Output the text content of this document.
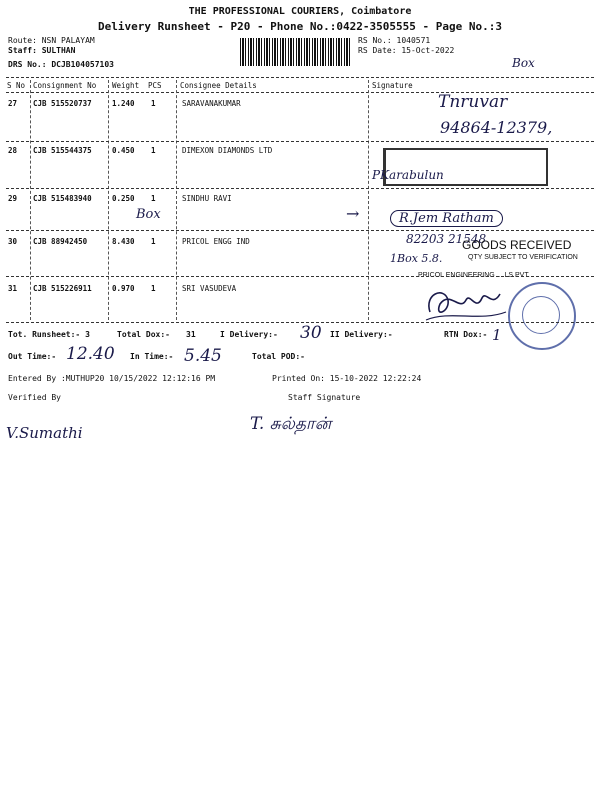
THE PROFESSIONAL COURIERS, Coimbatore
Delivery Runsheet - P20 - Phone No.:0422-3505555 - Page No.:3
Route: NSN PALAYAM
Staff: SULTHAN
DRS No.: DCJB104057103
RS No.: 1040571
RS Date: 15-Oct-2022
Box
S No Consignment No Weight PCS Consignee Details	Signature
27 CJB 515520737	1.240 1	SARAVANAKUMAR	Tnruvar
94864-12379,
28 CJB 515544375	0.450 1	DIMEXON DIAMONDS LTD
PKarabulun
29 CJB 515483940	0.250 1	SINDHU RAVI
Box	→	R.Jem Ratham
30 CJB 88942450	8.430 1	PRICOL ENGG IND	82203 21548
1Box 5.8.
GOODS RECEIVED
QTY SUBJECT TO VERIFICATION
PRICOL ENGINEERING ... LS PVT.
31 CJB 515226911	0.970 1	SRI VASUDEVA
Tot. Runsheet:- 3	Total Dox:- 31	I Delivery:- 30 II Delivery:-	RTN Dox:- 1
Out Time:- 12.40 In Time:- 5.45	Total POD:-
Entered By :MUTHUP20 10/15/2022 12:12:16 PM	Printed On: 15-10-2022 12:22:24
Verified By	Staff Signature
V.Sumathi	T. சுல்தான்
